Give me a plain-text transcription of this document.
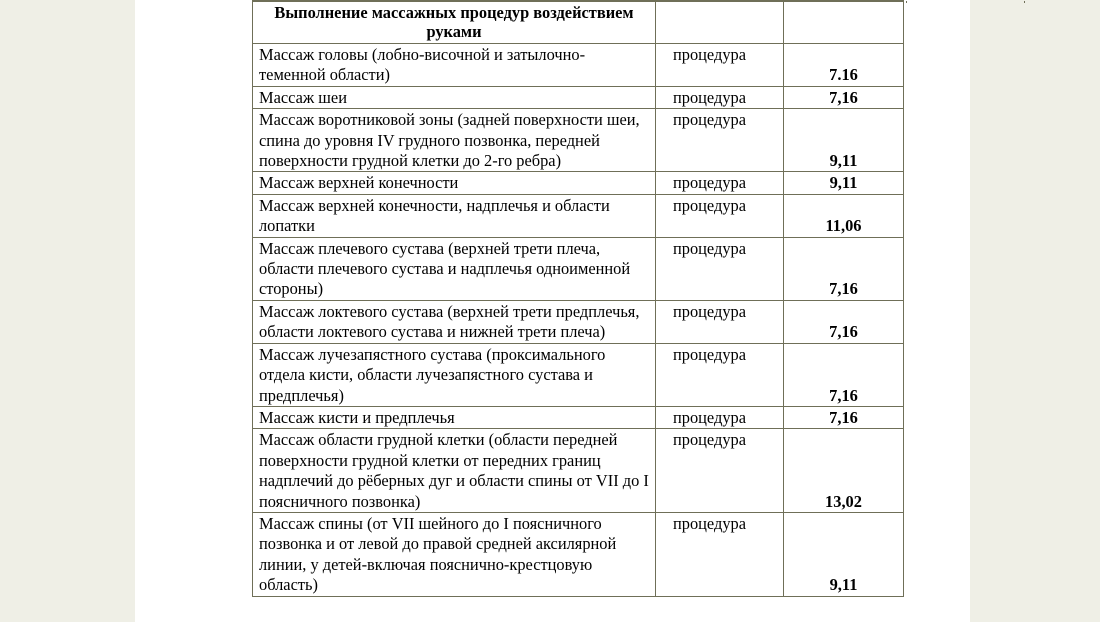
Выполнение массажных процедур воздействием руками		
Массаж головы (лобно-височной и затылочно-теменной области)	процедура	7.16
Массаж шеи	процедура	7,16
Массаж воротниковой зоны (задней поверхности шеи, спина до уровня IV грудного позвонка, передней поверхности грудной клетки до 2-го ребра)	процедура	9,11
Массаж верхней конечности	процедура	9,11
Массаж верхней конечности, надплечья и области лопатки	процедура	11,06
Массаж плечевого сустава (верхней трети плеча, области плечевого сустава и надплечья одноименной стороны)	процедура	7,16
Массаж локтевого сустава (верхней трети предплечья, области локтевого сустава и нижней трети плеча)	процедура	7,16
Массаж лучезапястного сустава (проксимального отдела кисти, области лучезапястного сустава и предплечья)	процедура	7,16
Массаж кисти и предплечья	процедура	7,16
Массаж области грудной клетки (области передней поверхности грудной клетки от передних границ надплечий до рёберных дуг и области спины от VII до I поясничного позвонка)	процедура	13,02
Массаж спины (от VII шейного до I поясничного позвонка и от левой до правой средней аксилярной линии, у детей-включая пояснично-крестцовую область)	процедура	9,11
